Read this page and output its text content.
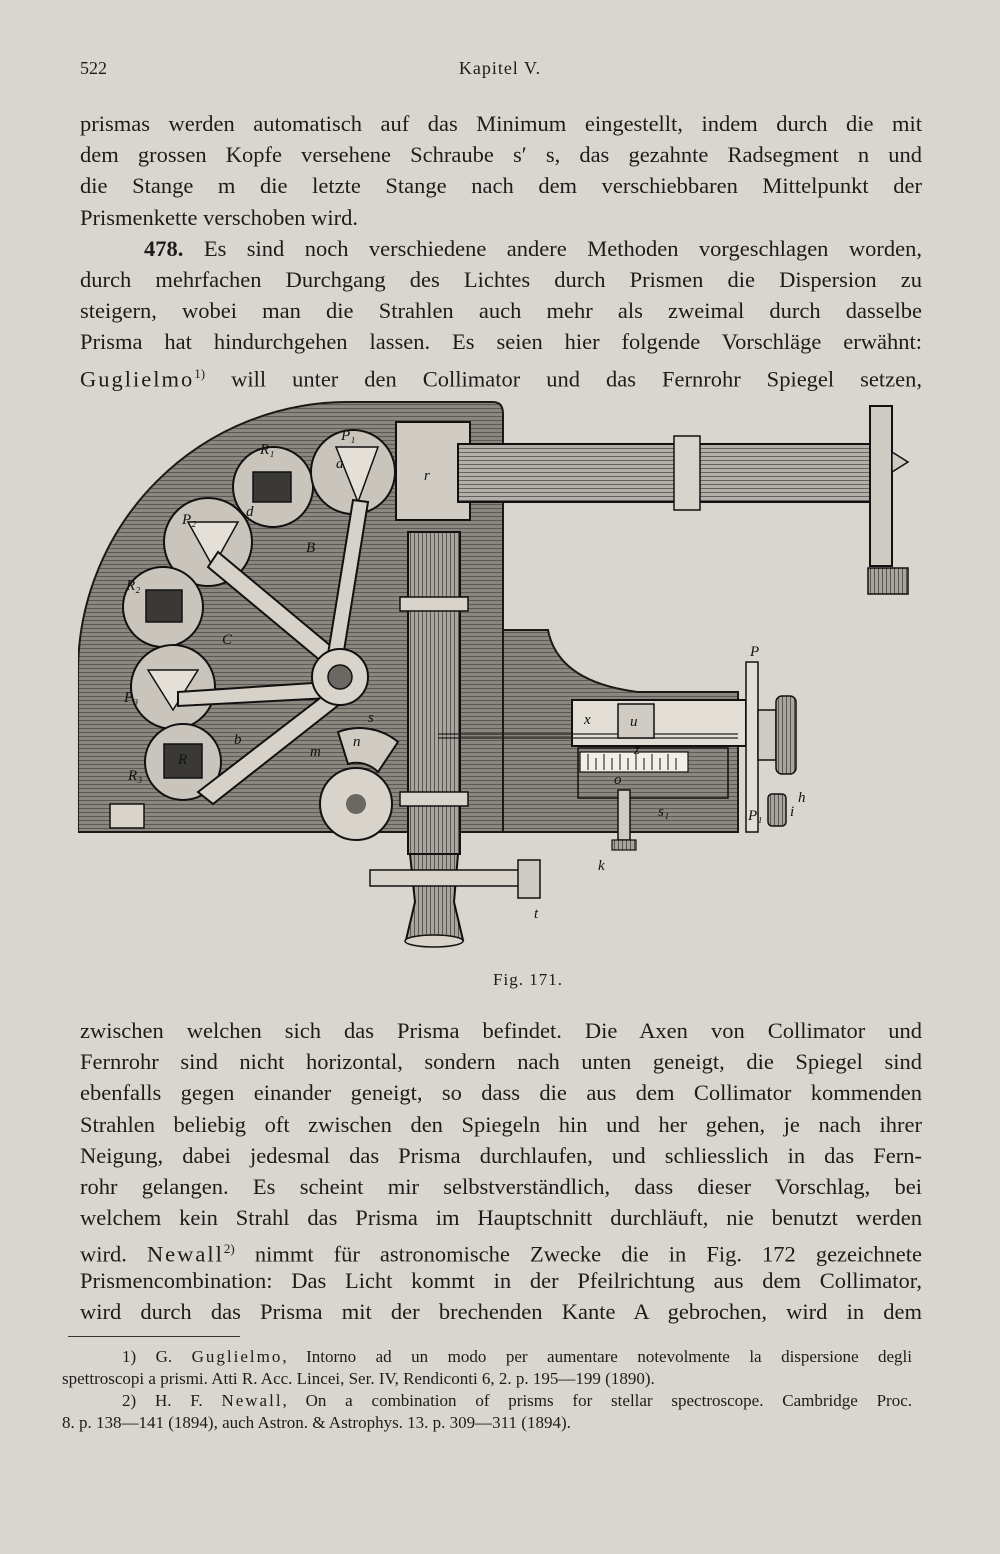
522	Kapitel V.

prismas werden automatisch auf das Minimum eingestellt, indem durch die mit
dem grossen Kopfe versehene Schraube s′ s, das gezahnte Radsegment n und
die Stange m die letzte Stange nach dem verschiebbaren Mittelpunkt der
Prismenkette verschoben wird.

478. Es sind noch verschiedene andere Methoden vorgeschlagen worden,
durch mehrfachen Durchgang des Lichtes durch Prismen die Dispersion zu
steigern, wobei man die Strahlen auch mehr als zweimal durch dasselbe
Prisma hat hindurchgehen lassen. Es seien hier folgende Vorschläge erwähnt:
Guglielmo$^{1)}$ will unter den Collimator und das Fernrohr Spiegel setzen,

R₁
P₁
a
d
B
P₂
r
R₂
C
P
P₃
b
R
s
R₃
m
n
x	u
z
o
s₁
h
P₁ i
k
t
Fig. 171.

zwischen welchen sich das Prisma befindet. Die Axen von Collimator und
Fernrohr sind nicht horizontal, sondern nach unten geneigt, die Spiegel sind
ebenfalls gegen einander geneigt, so dass die aus dem Collimator kommenden
Strahlen beliebig oft zwischen den Spiegeln hin und her gehen, je nach ihrer
Neigung, dabei jedesmal das Prisma durchlaufen, und schliesslich in das Fern-
rohr gelangen. Es scheint mir selbstverständlich, dass dieser Vorschlag, bei
welchem kein Strahl das Prisma im Hauptschnitt durchläuft, nie benutzt werden
wird. Newall$^{2)}$ nimmt für astronomische Zwecke die in Fig. 172 gezeichnete
Prismencombination: Das Licht kommt in der Pfeilrichtung aus dem Collimator,
wird durch das Prisma mit der brechenden Kante A gebrochen, wird in dem

1) G. Guglielmo, Intorno ad un modo per aumentare notevolmente la dispersione degli
spettroscopi a prismi. Atti R. Acc. Lincei, Ser. IV, Rendiconti 6, 2. p. 195—199 (1890).
2) H. F. Newall, On a combination of prisms for stellar spectroscope. Cambridge Proc.
8. p. 138—141 (1894), auch Astron. & Astrophys. 13. p. 309—311 (1894).
